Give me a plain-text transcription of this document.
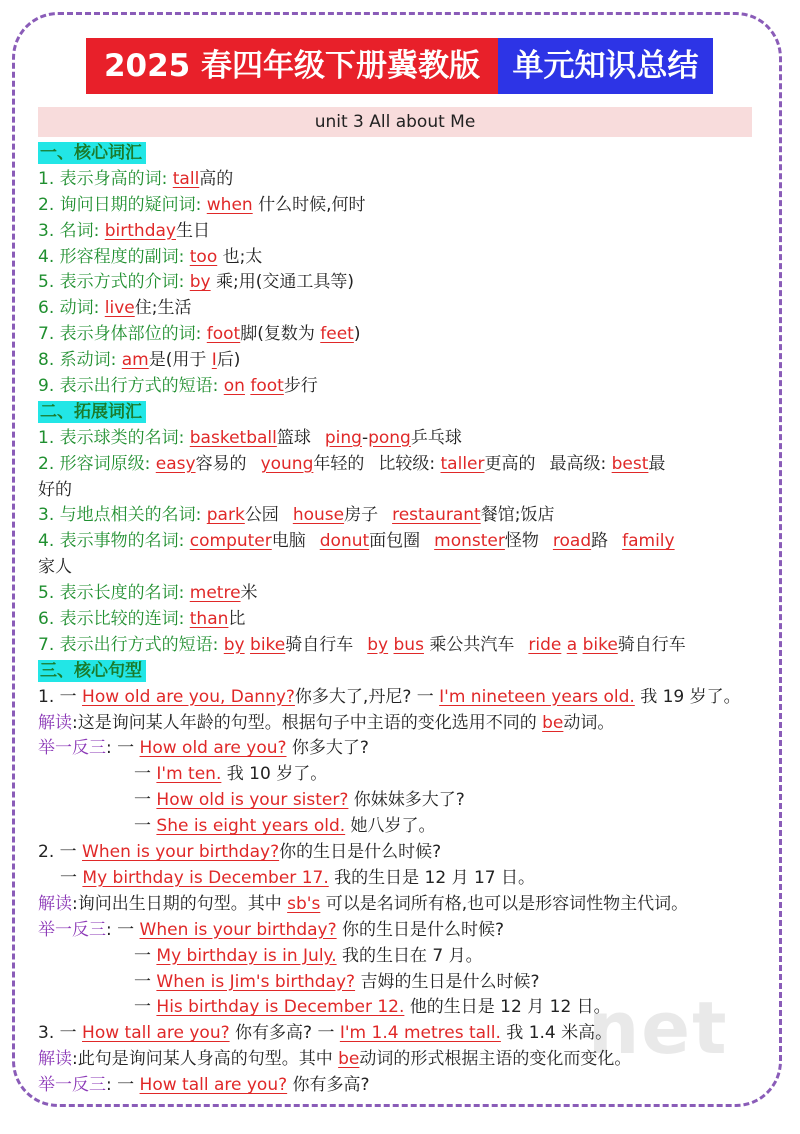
2025 春四年级下册冀教版	单元知识总结
unit 3 All about Me
net
一、核心词汇
1. 表示身高的词: tall高的
2. 询问日期的疑问词: when 什么时候,何时
3. 名词: birthday生日
4. 形容程度的副词: too 也;太
5. 表示方式的介词: by 乘;用(交通工具等)
6. 动词: live住;生活
7. 表示身体部位的词: foot脚(复数为 feet)
8. 系动词: am是(用于 I后)
9. 表示出行方式的短语: on foot步行
二、拓展词汇
1. 表示球类的名词: basketball篮球 ping-pong乒乓球
2. 形容词原级: easy容易的 young年轻的 比较级: taller更高的 最高级: best最
好的
3. 与地点相关的名词: park公园 house房子 restaurant餐馆;饭店
4. 表示事物的名词: computer电脑 donut面包圈 monster怪物 road路 family
家人
5. 表示长度的名词: metre米
6. 表示比较的连词: than比
7. 表示出行方式的短语: by bike骑自行车 by bus 乘公共汽车 ride a bike骑自行车
三、核心句型
1. 一 How old are you, Danny?你多大了,丹尼? 一 I'm nineteen years old. 我 19 岁了。
解读:这是询问某人年龄的句型。根据句子中主语的变化选用不同的 be动词。
举一反三: 一 How old are you? 你多大了?
一 I'm ten. 我 10 岁了。
一 How old is your sister? 你妹妹多大了?
一 She is eight years old. 她八岁了。
2. 一 When is your birthday?你的生日是什么时候?
一 My birthday is December 17. 我的生日是 12 月 17 日。
解读:询问出生日期的句型。其中 sb's 可以是名词所有格,也可以是形容词性物主代词。
举一反三: 一 When is your birthday? 你的生日是什么时候?
一 My birthday is in July. 我的生日在 7 月。
一 When is Jim's birthday? 吉姆的生日是什么时候?
一 His birthday is December 12. 他的生日是 12 月 12 日。
3. 一 How tall are you? 你有多高? 一 I'm 1.4 metres tall. 我 1.4 米高。
解读:此句是询问某人身高的句型。其中 be动词的形式根据主语的变化而变化。
举一反三: 一 How tall are you? 你有多高?
